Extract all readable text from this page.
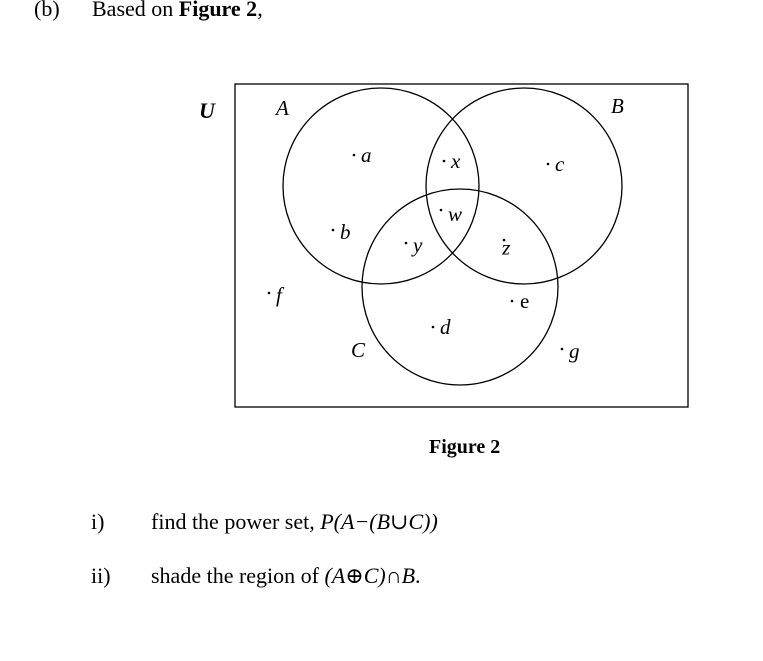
(b) Based on Figure 2,
U	A	B
C
a
b
x
w
y	z
c
e
d
f
g
Figure 2
i) find the power set, P(A−(B∪C))
ii) shade the region of (A⊕C)∩B.
